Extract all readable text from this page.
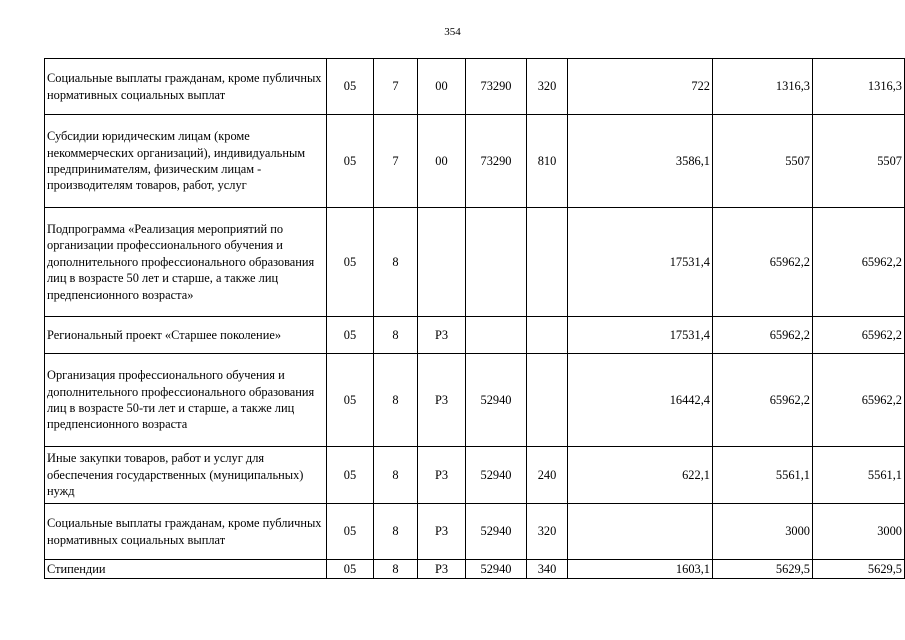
354
Социальные выплаты гражданам, кроме публичных нормативных социальных выплат	05	7	00	73290	320	722	1316,3	1316,3
Субсидии юридическим лицам (кроме некоммерческих организаций), индивидуальным предпринимателям, физическим лицам - производителям товаров, работ, услуг	05	7	00	73290	810	3586,1	5507	5507
Подпрограмма «Реализация мероприятий по организации профессионального обучения и дополнительного профессионального образования лиц в возрасте 50 лет и старше, а также лиц предпенсионного возраста»	05	8				17531,4	65962,2	65962,2
Региональный проект «Старшее поколение»	05	8	Р3			17531,4	65962,2	65962,2
Организация профессионального обучения и дополнительного профессионального образования лиц в возрасте 50-ти лет и старше, а также лиц предпенсионного возраста	05	8	Р3	52940		16442,4	65962,2	65962,2
Иные закупки товаров, работ и услуг для обеспечения государственных (муниципальных) нужд	05	8	Р3	52940	240	622,1	5561,1	5561,1
Социальные выплаты гражданам, кроме публичных нормативных социальных выплат	05	8	Р3	52940	320		3000	3000
Стипендии	05	8	Р3	52940	340	1603,1	5629,5	5629,5
